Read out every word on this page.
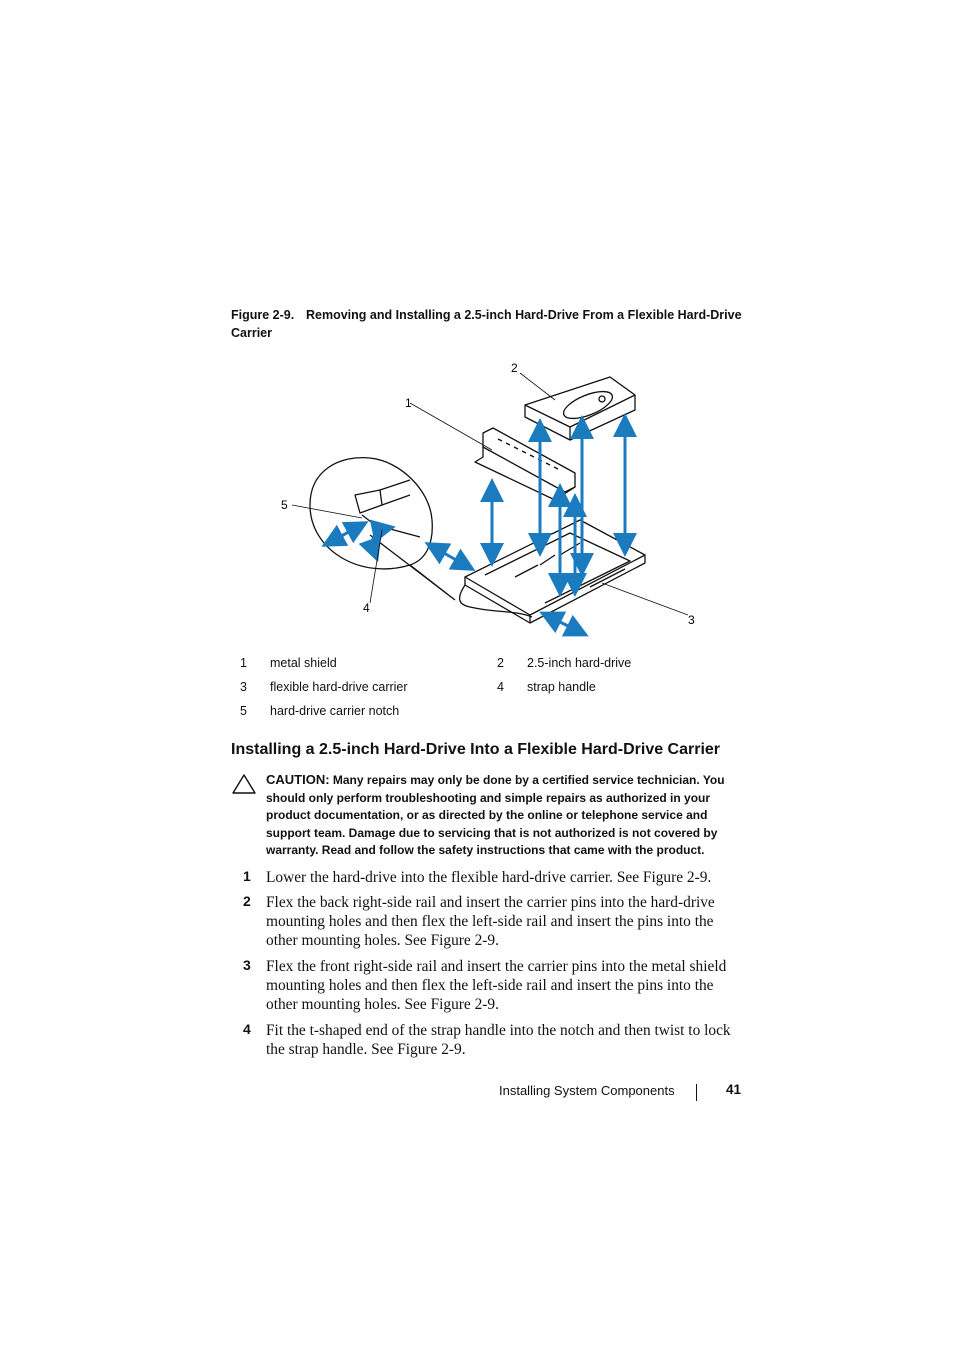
Figure 2-9. Removing and Installing a 2.5-inch Hard-Drive From a Flexible Hard-Drive Carrier
1
2
3
4
5
1 metal shield	2 2.5-inch hard-drive
3 flexible hard-drive carrier	4 strap handle
5 hard-drive carrier notch
Installing a 2.5-inch Hard-Drive Into a Flexible Hard-Drive Carrier
CAUTION: Many repairs may only be done by a certified service technician. You should only perform troubleshooting and simple repairs as authorized in your product documentation, or as directed by the online or telephone service and support team. Damage due to servicing that is not authorized is not covered by warranty. Read and follow the safety instructions that came with the product.
1 Lower the hard-drive into the flexible hard-drive carrier. See Figure 2-9.
2 Flex the back right-side rail and insert the carrier pins into the hard-drive mounting holes and then flex the left-side rail and insert the pins into the other mounting holes. See Figure 2-9.
3 Flex the front right-side rail and insert the carrier pins into the metal shield mounting holes and then flex the left-side rail and insert the pins into the other mounting holes. See Figure 2-9.
4 Fit the t-shaped end of the strap handle into the notch and then twist to lock the strap handle. See Figure 2-9.
Installing System Components	41
